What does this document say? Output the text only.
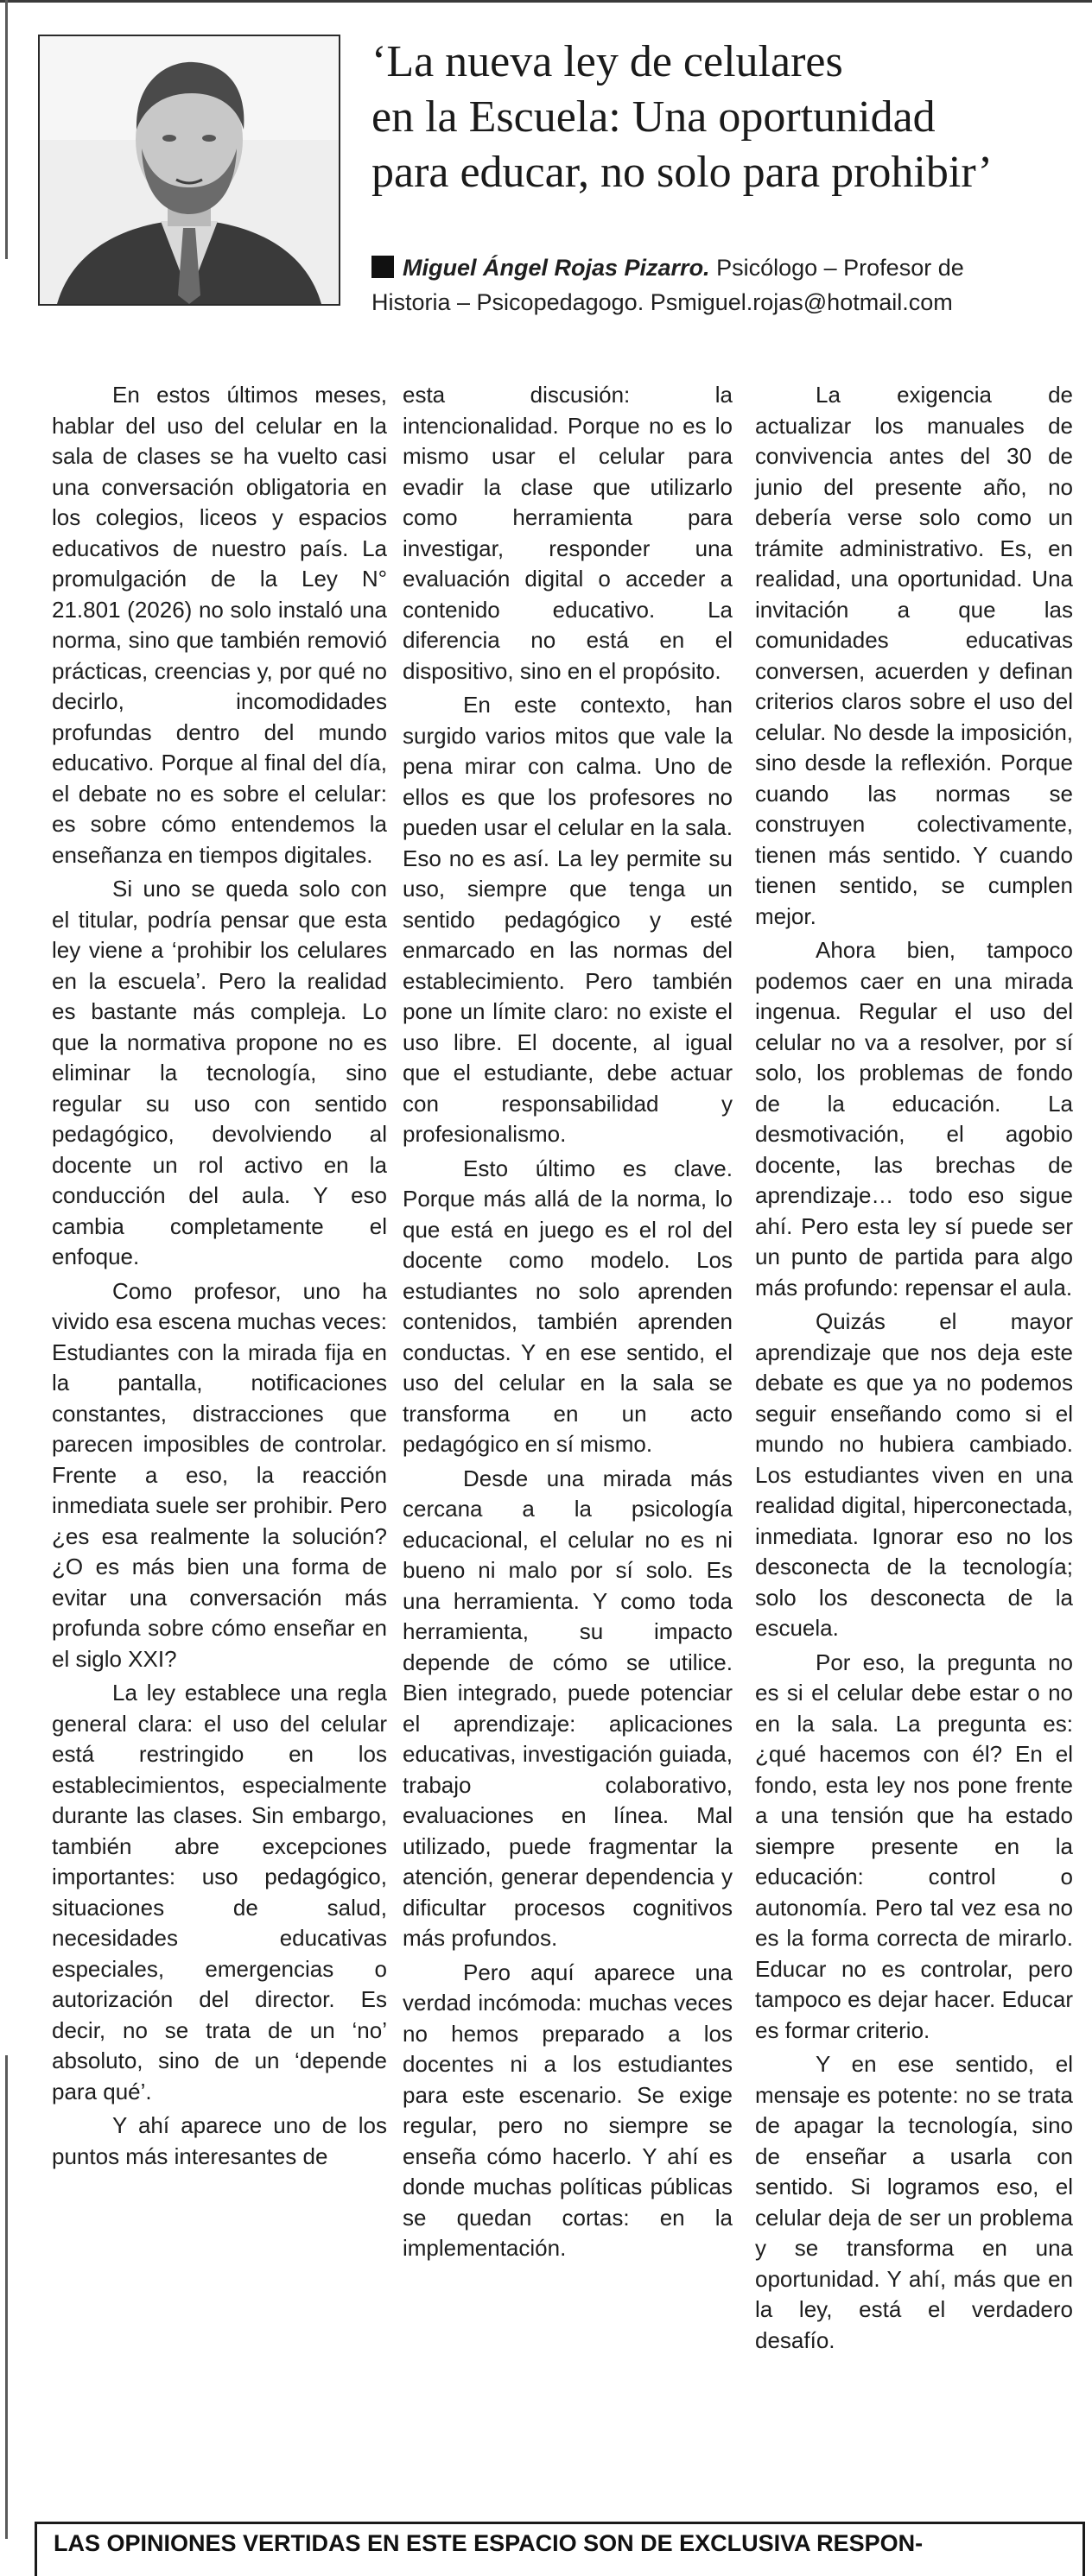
‘La nueva ley de celulares
en la Escuela: Una oportunidad
para educar, no solo para prohibir’
Miguel Ángel Rojas Pizarro. Psicólogo – Profesor de
Historia – Psicopedagogo. Psmiguel.rojas@hotmail.com

En estos últimos meses, hablar del uso del celular en la sala de clases se ha vuelto casi una conversación obligatoria en los colegios, liceos y espacios educativos de nuestro país. La promulgación de la Ley N° 21.801 (2026) no solo instaló una norma, sino que también removió prácticas, creencias y, por qué no decirlo, incomodidades profundas dentro del mundo educativo. Porque al final del día, el debate no es sobre el celular: es sobre cómo entendemos la enseñanza en tiempos digitales.

Si uno se queda solo con el titular, podría pensar que esta ley viene a ‘prohibir los celulares en la escuela’. Pero la realidad es bastante más compleja. Lo que la normativa propone no es eliminar la tecnología, sino regular su uso con sentido pedagógico, devolviendo al docente un rol activo en la conducción del aula. Y eso cambia completamente el enfoque.

Como profesor, uno ha vivido esa escena muchas veces: Estudiantes con la mirada fija en la pantalla, notificaciones constantes, distracciones que parecen imposibles de controlar. Frente a eso, la reacción inmediata suele ser prohibir. Pero ¿es esa realmente la solución? ¿O es más bien una forma de evitar una conversación más profunda sobre cómo enseñar en el siglo XXI?

La ley establece una regla general clara: el uso del celular está restringido en los establecimientos, especialmente durante las clases. Sin embargo, también abre excepciones importantes: uso pedagógico, situaciones de salud, necesidades educativas especiales, emergencias o autorización del director. Es decir, no se trata de un ‘no’ absoluto, sino de un ‘depende para qué’.

Y ahí aparece uno de los puntos más interesantes de

esta discusión: la intencionalidad. Porque no es lo mismo usar el celular para evadir la clase que utilizarlo como herramienta para investigar, responder una evaluación digital o acceder a contenido educativo. La diferencia no está en el dispositivo, sino en el propósito.

En este contexto, han surgido varios mitos que vale la pena mirar con calma. Uno de ellos es que los profesores no pueden usar el celular en la sala. Eso no es así. La ley permite su uso, siempre que tenga un sentido pedagógico y esté enmarcado en las normas del establecimiento. Pero también pone un límite claro: no existe el uso libre. El docente, al igual que el estudiante, debe actuar con responsabilidad y profesionalismo.

Esto último es clave. Porque más allá de la norma, lo que está en juego es el rol del docente como modelo. Los estudiantes no solo aprenden contenidos, también aprenden conductas. Y en ese sentido, el uso del celular en la sala se transforma en un acto pedagógico en sí mismo.

Desde una mirada más cercana a la psicología educacional, el celular no es ni bueno ni malo por sí solo. Es una herramienta. Y como toda herramienta, su impacto depende de cómo se utilice. Bien integrado, puede potenciar el aprendizaje: aplicaciones educativas, investigación guiada, trabajo colaborativo, evaluaciones en línea. Mal utilizado, puede fragmentar la atención, generar dependencia y dificultar procesos cognitivos más profundos.

Pero aquí aparece una verdad incómoda: muchas veces no hemos preparado a los docentes ni a los estudiantes para este escenario. Se exige regular, pero no siempre se enseña cómo hacerlo. Y ahí es donde muchas políticas públicas se quedan cortas: en la implementación.

La exigencia de actualizar los manuales de convivencia antes del 30 de junio del presente año, no debería verse solo como un trámite administrativo. Es, en realidad, una oportunidad. Una invitación a que las comunidades educativas conversen, acuerden y definan criterios claros sobre el uso del celular. No desde la imposición, sino desde la reflexión. Porque cuando las normas se construyen colectivamente, tienen más sentido. Y cuando tienen sentido, se cumplen mejor.

Ahora bien, tampoco podemos caer en una mirada ingenua. Regular el uso del celular no va a resolver, por sí solo, los problemas de fondo de la educación. La desmotivación, el agobio docente, las brechas de aprendizaje… todo eso sigue ahí. Pero esta ley sí puede ser un punto de partida para algo más profundo: repensar el aula.

Quizás el mayor aprendizaje que nos deja este debate es que ya no podemos seguir enseñando como si el mundo no hubiera cambiado. Los estudiantes viven en una realidad digital, hiperconectada, inmediata. Ignorar eso no los desconecta de la tecnología; solo los desconecta de la escuela.

Por eso, la pregunta no es si el celular debe estar o no en la sala. La pregunta es: ¿qué hacemos con él? En el fondo, esta ley nos pone frente a una tensión que ha estado siempre presente en la educación: control o autonomía. Pero tal vez esa no es la forma correcta de mirarlo. Educar no es controlar, pero tampoco es dejar hacer. Educar es formar criterio.

Y en ese sentido, el mensaje es potente: no se trata de apagar la tecnología, sino de enseñar a usarla con sentido. Si logramos eso, el celular deja de ser un problema y se transforma en una oportunidad. Y ahí, más que en la ley, está el verdadero desafío.

LAS OPINIONES VERTIDAS EN ESTE ESPACIO SON DE EXCLUSIVA RESPON-
